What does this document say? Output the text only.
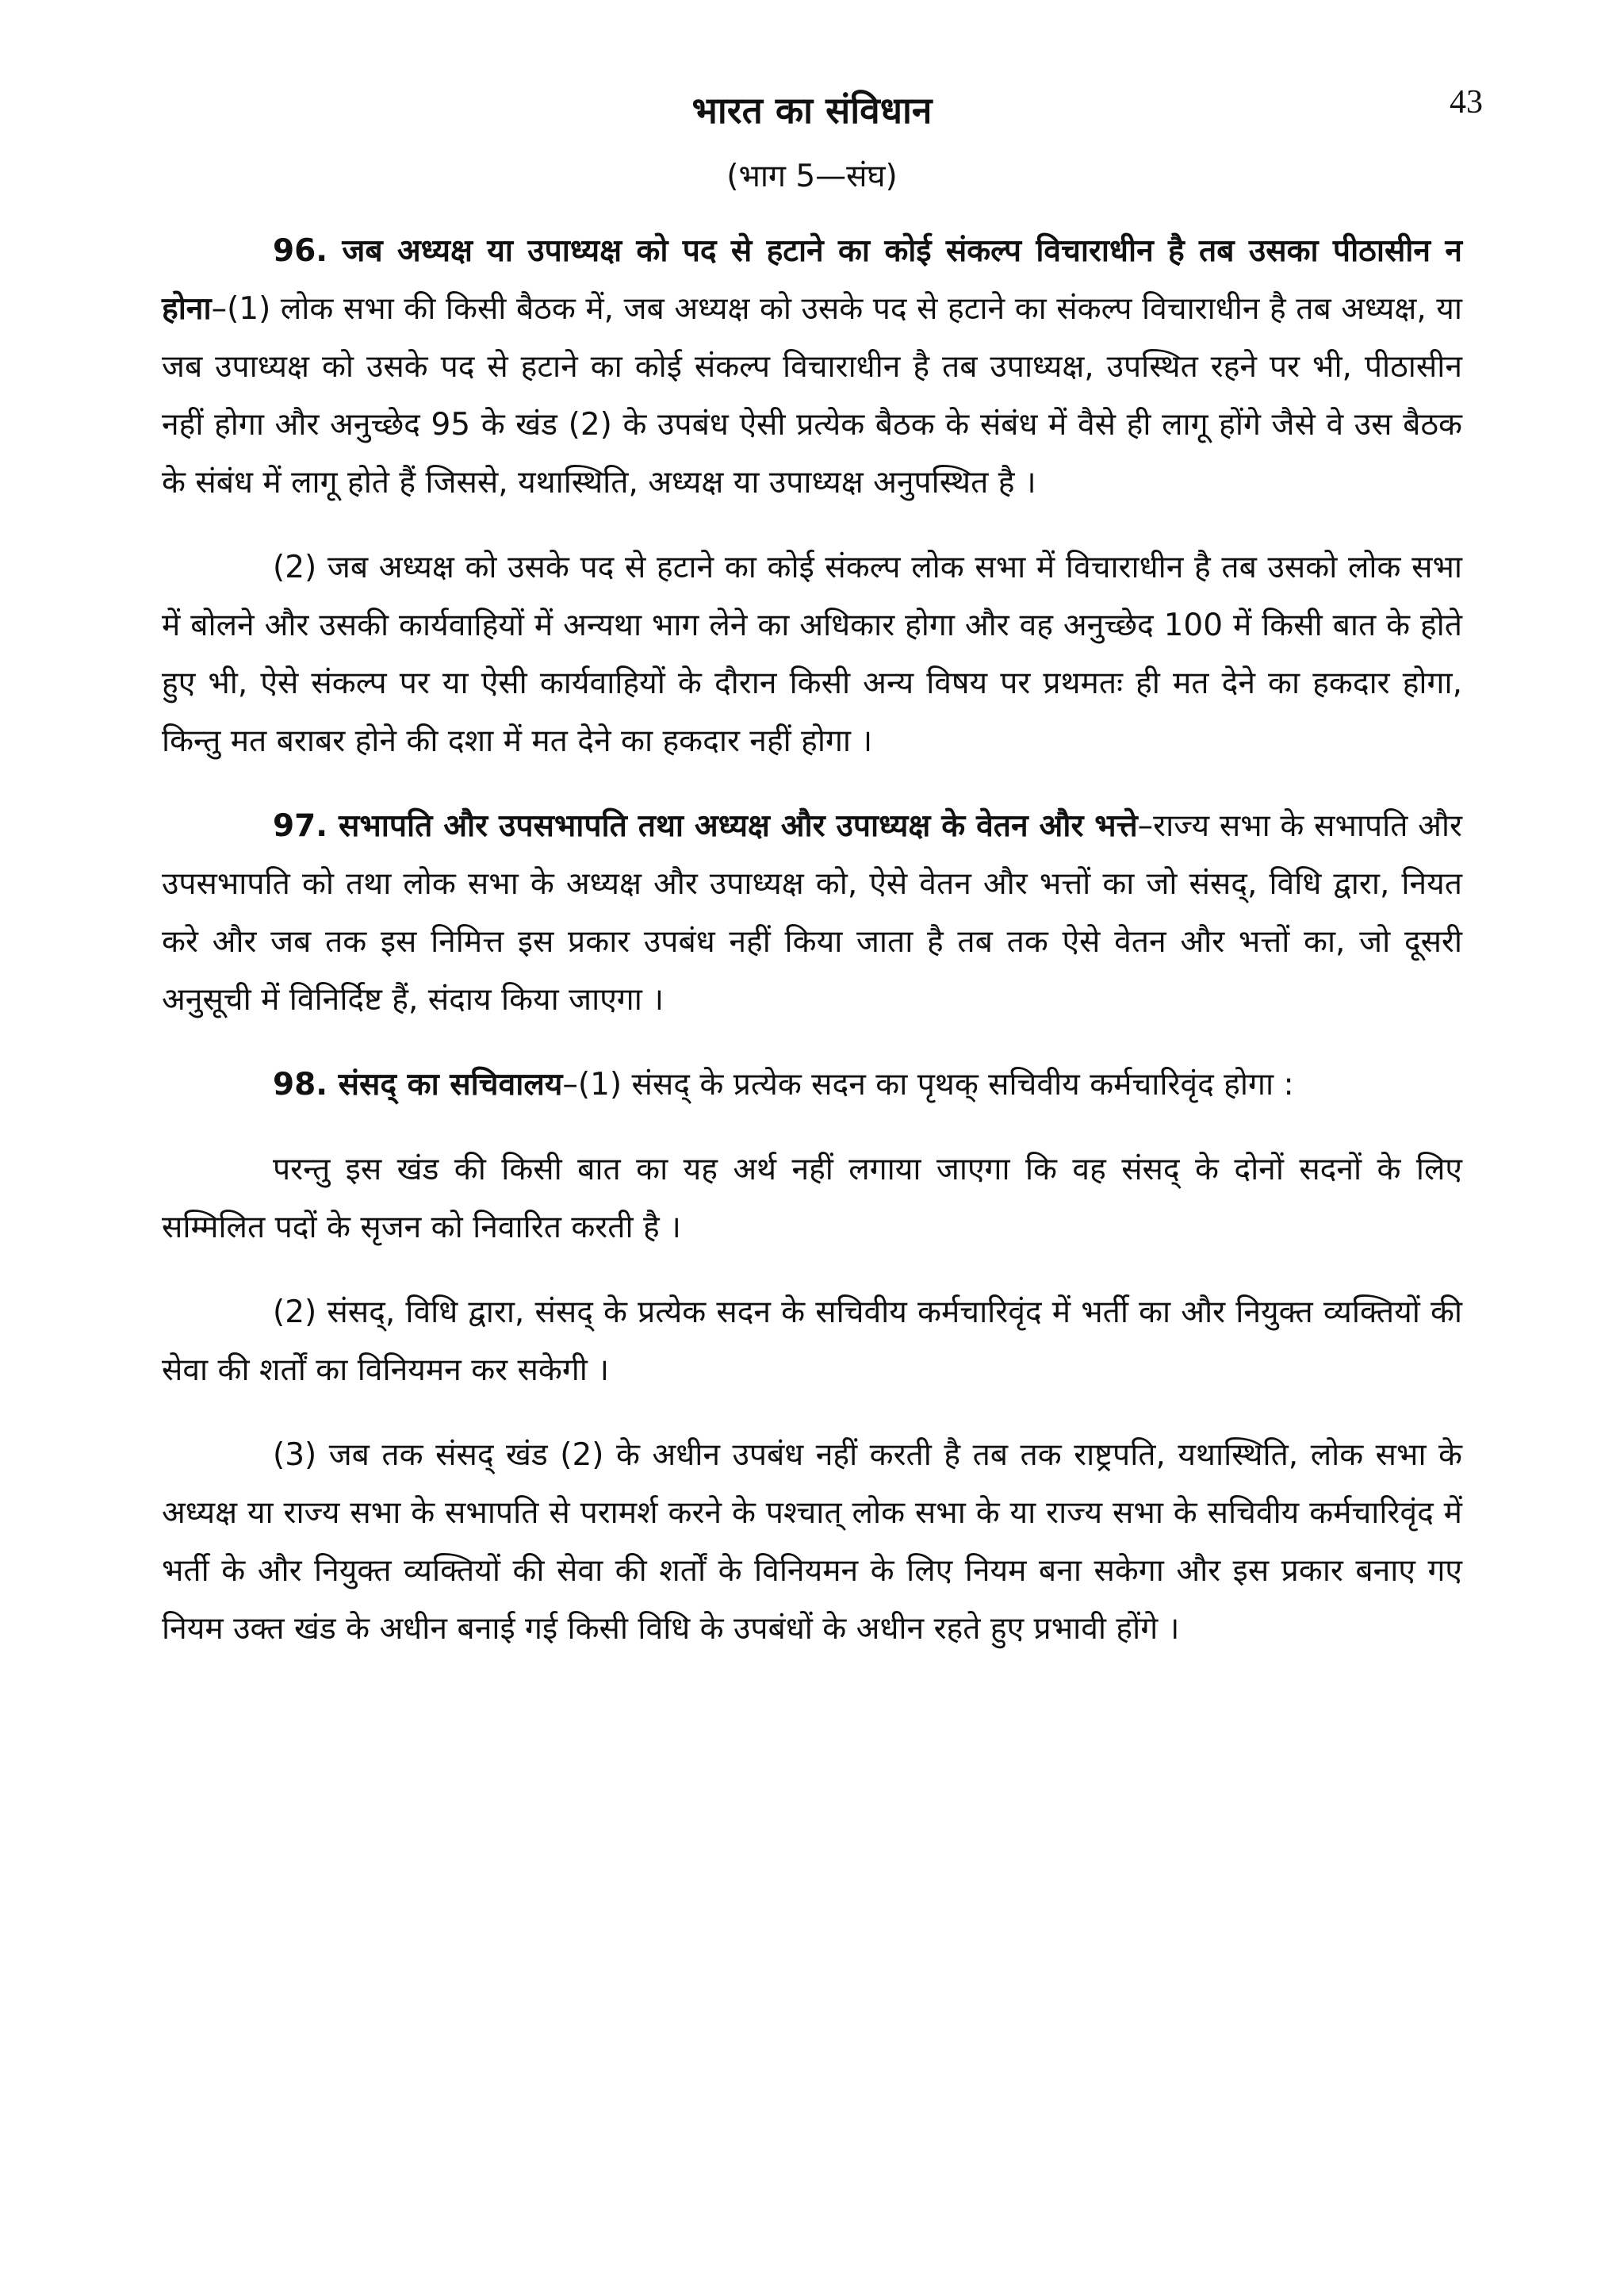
43
भारत का संविधान
(भाग 5—संघ)

96. जब अध्यक्ष या उपाध्यक्ष को पद से हटाने का कोई संकल्प विचाराधीन है तब उसका पीठासीन न होना–(1) लोक सभा की किसी बैठक में, जब अध्यक्ष को उसके पद से हटाने का संकल्प विचाराधीन है तब अध्यक्ष, या जब उपाध्यक्ष को उसके पद से हटाने का कोई संकल्प विचाराधीन है तब उपाध्यक्ष, उपस्थित रहने पर भी, पीठासीन नहीं होगा और अनुच्छेद 95 के खंड (2) के उपबंध ऐसी प्रत्येक बैठक के संबंध में वैसे ही लागू होंगे जैसे वे उस बैठक के संबंध में लागू होते हैं जिससे, यथास्थिति, अध्यक्ष या उपाध्यक्ष अनुपस्थित है ।

(2) जब अध्यक्ष को उसके पद से हटाने का कोई संकल्प लोक सभा में विचाराधीन है तब उसको लोक सभा में बोलने और उसकी कार्यवाहियों में अन्यथा भाग लेने का अधिकार होगा और वह अनुच्छेद 100 में किसी बात के होते हुए भी, ऐसे संकल्प पर या ऐसी कार्यवाहियों के दौरान किसी अन्य विषय पर प्रथमतः ही मत देने का हकदार होगा, किन्तु मत बराबर होने की दशा में मत देने का हकदार नहीं होगा ।

97. सभापति और उपसभापति तथा अध्यक्ष और उपाध्यक्ष के वेतन और भत्ते–राज्य सभा के सभापति और उपसभापति को तथा लोक सभा के अध्यक्ष और उपाध्यक्ष को, ऐसे वेतन और भत्तों का जो संसद्, विधि द्वारा, नियत करे और जब तक इस निमित्त इस प्रकार उपबंध नहीं किया जाता है तब तक ऐसे वेतन और भत्तों का, जो दूसरी अनुसूची में विनिर्दिष्ट हैं, संदाय किया जाएगा ।

98. संसद् का सचिवालय–(1) संसद् के प्रत्येक सदन का पृथक् सचिवीय कर्मचारिवृंद होगा :

परन्तु इस खंड की किसी बात का यह अर्थ नहीं लगाया जाएगा कि वह संसद् के दोनों सदनों के लिए सम्मिलित पदों के सृजन को निवारित करती है ।

(2) संसद्, विधि द्वारा, संसद् के प्रत्येक सदन के सचिवीय कर्मचारिवृंद में भर्ती का और नियुक्त व्यक्तियों की सेवा की शर्तों का विनियमन कर सकेगी ।

(3) जब तक संसद् खंड (2) के अधीन उपबंध नहीं करती है तब तक राष्ट्रपति, यथास्थिति, लोक सभा के अध्यक्ष या राज्य सभा के सभापति से परामर्श करने के पश्चात् लोक सभा के या राज्य सभा के सचिवीय कर्मचारिवृंद में भर्ती के और नियुक्त व्यक्तियों की सेवा की शर्तों के विनियमन के लिए नियम बना सकेगा और इस प्रकार बनाए गए नियम उक्त खंड के अधीन बनाई गई किसी विधि के उपबंधों के अधीन रहते हुए प्रभावी होंगे ।
